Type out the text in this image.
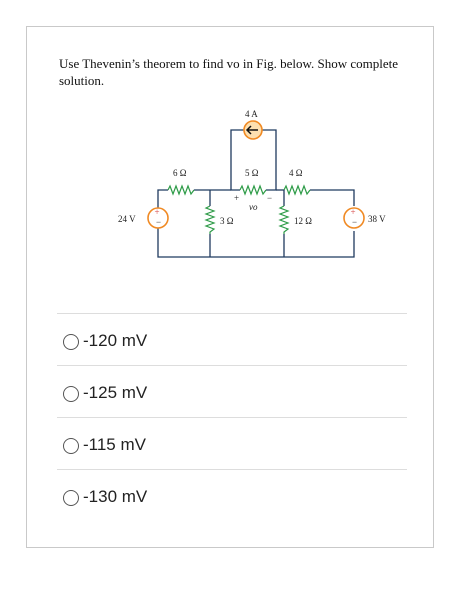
Use Thevenin’s theorem to find vo in Fig. below. Show complete solution.
4 A
6 Ω	5 Ω
+	−
vo
4 Ω
3 Ω	12 Ω
+
−
24 V
+
− 38 V
-120 mV
-125 mV
-115 mV
-130 mV
